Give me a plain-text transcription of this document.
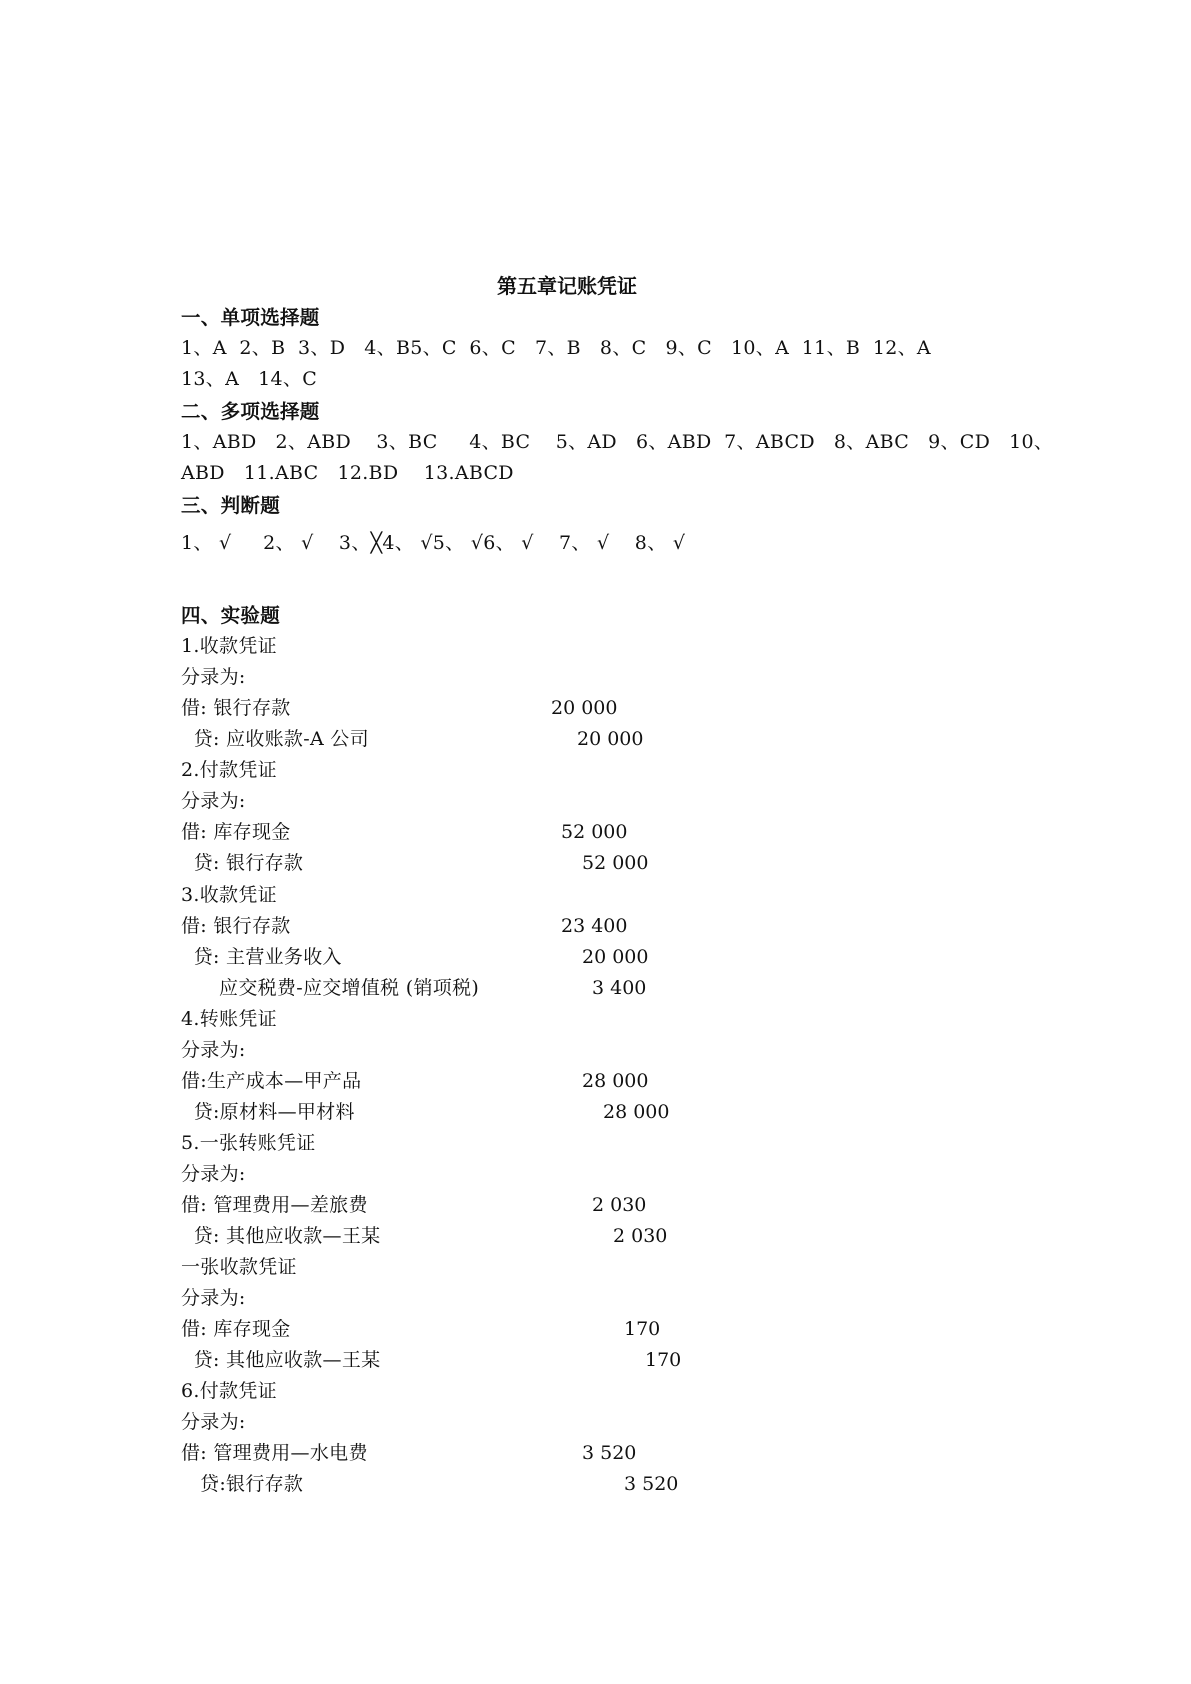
第五章记账凭证
一、单项选择题
1、A  2、B  3、D   4、B5、C  6、C   7、B   8、C   9、C   10、A  11、B  12、A
13、A   14、C
二、多项选择题
1、ABD   2、ABD    3、BC     4、BC    5、AD   6、ABD  7、ABCD   8、ABC   9、CD   10、
ABD   11.ABC   12.BD    13.ABCD
三、判断题
1、 √     2、 √    3、╳4、 √5、 √6、 √    7、 √    8、 √
四、实验题
1.收款凭证
分录为:
借: 银行存款	20 000
贷: 应收账款-A 公司	20 000
2.付款凭证
分录为:
借: 库存现金	52 000
贷: 银行存款	52 000
3.收款凭证
借: 银行存款	23 400
贷: 主营业务收入	20 000
应交税费-应交增值税 (销项税)	3 400
4.转账凭证
分录为:
借:生产成本—甲产品	28 000
贷:原材料—甲材料	28 000
5.一张转账凭证
分录为:
借: 管理费用—差旅费	2 030
贷: 其他应收款—王某	2 030
一张收款凭证
分录为:
借: 库存现金	170
贷: 其他应收款—王某	170
6.付款凭证
分录为:
借: 管理费用—水电费	3 520
贷:银行存款	3 520
